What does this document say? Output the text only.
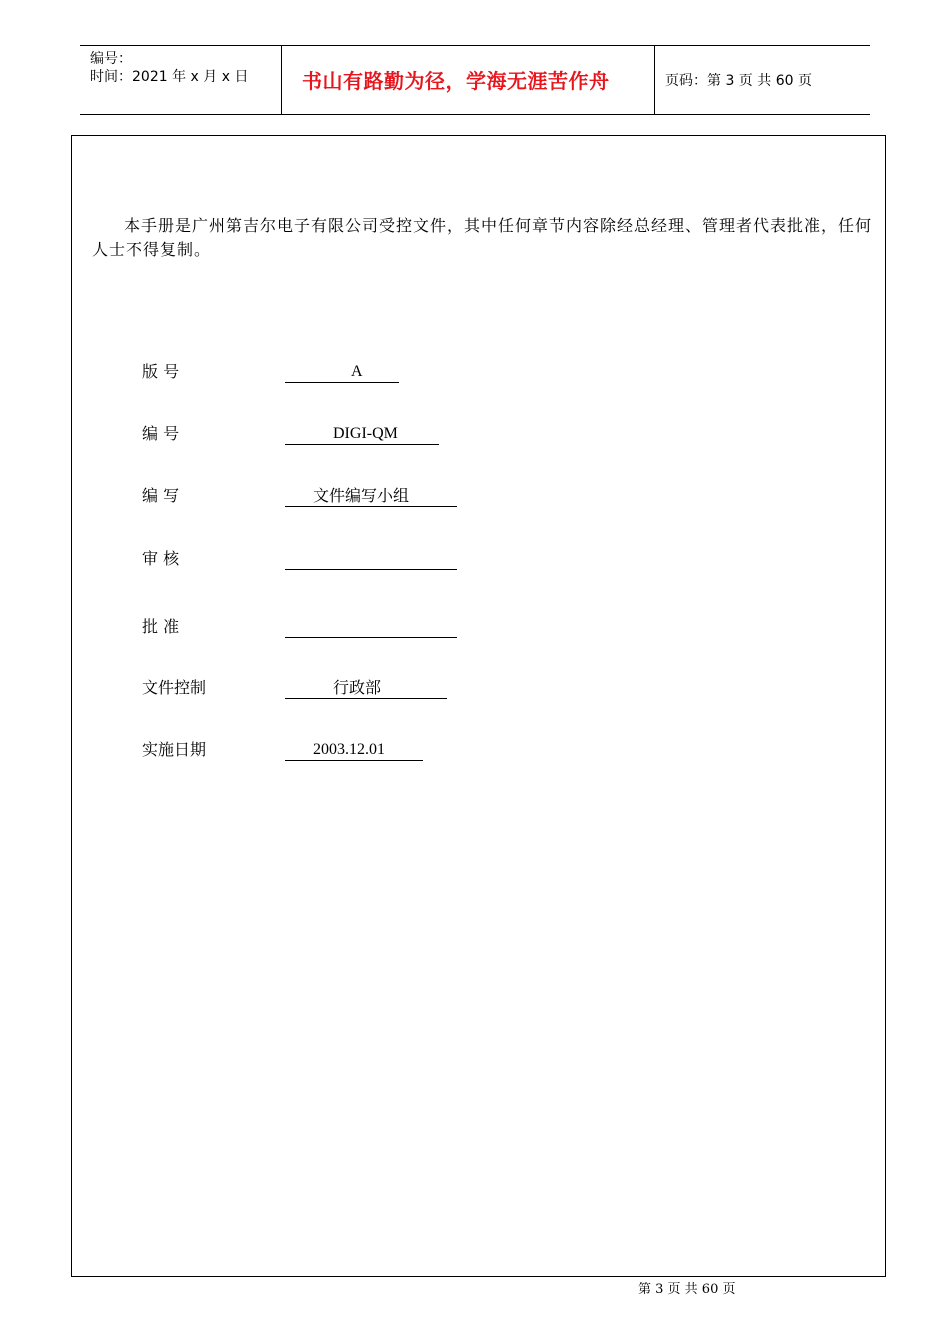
编号：
时间：2021 年 x 月 x 日	书山有路勤为径，学海无涯苦作舟	页码：第 3 页 共 60 页
本手册是广州第吉尔电子有限公司受控文件，其中任何章节内容除经总经理、管理者代表批准，任何人士不得复制。
版 号	A
编 号	DIGI-QM
编 写	文件编写小组
审 核
批 准
文件控制	行政部
实施日期	2003.12.01
第 3 页 共 60 页
